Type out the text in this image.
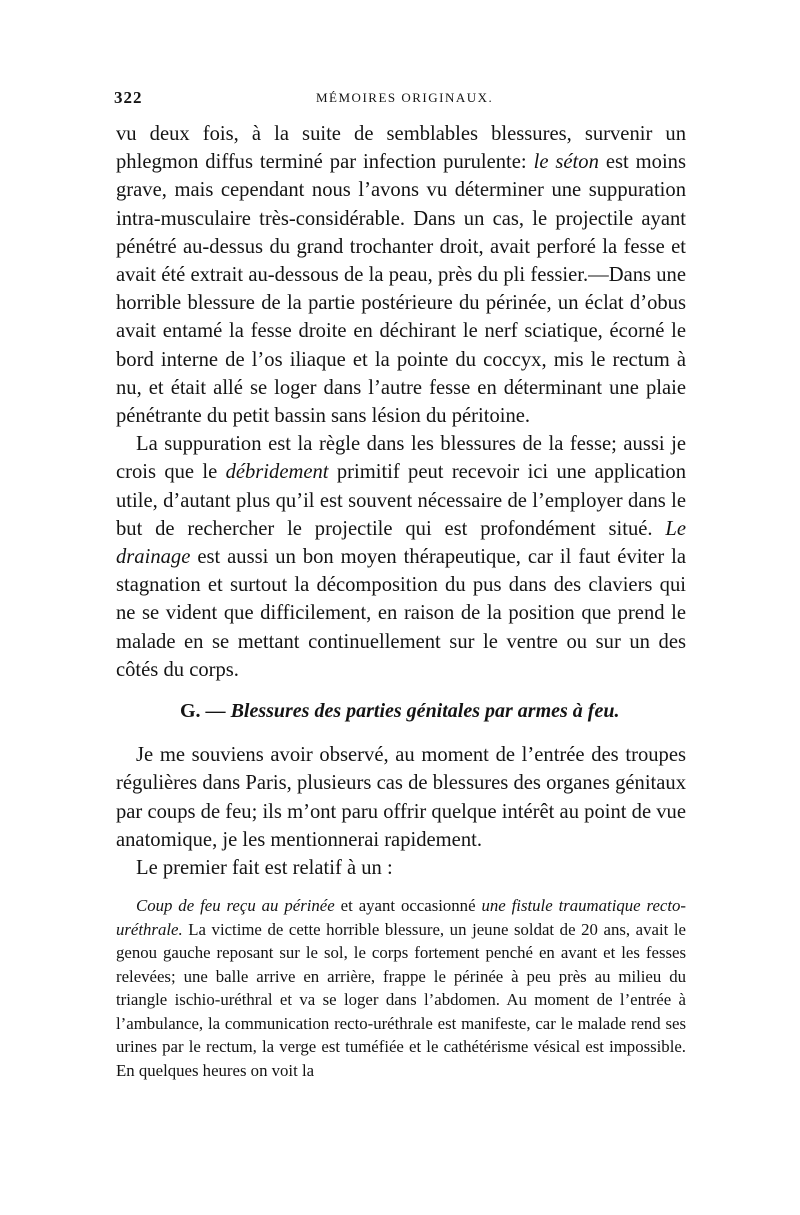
322	MÉMOIRES ORIGINAUX.

vu deux fois, à la suite de semblables blessures, survenir un phlegmon diffus terminé par infection purulente: le séton est moins grave, mais cependant nous l’avons vu déterminer une suppuration intra-musculaire très-considérable. Dans un cas, le projectile ayant pénétré au-dessus du grand trochanter droit, avait perforé la fesse et avait été extrait au-dessous de la peau, près du pli fessier.—Dans une horrible blessure de la partie postérieure du périnée, un éclat d’obus avait entamé la fesse droite en déchirant le nerf sciatique, écorné le bord interne de l’os iliaque et la pointe du coccyx, mis le rectum à nu, et était allé se loger dans l’autre fesse en déterminant une plaie pénétrante du petit bassin sans lésion du péritoine.

La suppuration est la règle dans les blessures de la fesse; aussi je crois que le débridement primitif peut recevoir ici une application utile, d’autant plus qu’il est souvent nécessaire de l’employer dans le but de rechercher le projectile qui est profondément situé. Le drainage est aussi un bon moyen thérapeutique, car il faut éviter la stagnation et surtout la décomposition du pus dans des claviers qui ne se vident que difficilement, en raison de la position que prend le malade en se mettant continuellement sur le ventre ou sur un des côtés du corps.

G. — Blessures des parties génitales par armes à feu.

Je me souviens avoir observé, au moment de l’entrée des troupes régulières dans Paris, plusieurs cas de blessures des organes génitaux par coups de feu; ils m’ont paru offrir quelque intérêt au point de vue anatomique, je les mentionnerai rapidement.

Le premier fait est relatif à un :

Coup de feu reçu au périnée et ayant occasionné une fistule traumatique recto-uréthrale. La victime de cette horrible blessure, un jeune soldat de 20 ans, avait le genou gauche reposant sur le sol, le corps fortement penché en avant et les fesses relevées; une balle arrive en arrière, frappe le périnée à peu près au milieu du triangle ischio-uréthral et va se loger dans l’abdomen. Au moment de l’entrée à l’ambulance, la communication recto-uréthrale est manifeste, car le malade rend ses urines par le rectum, la verge est tuméfiée et le cathétérisme vésical est impossible. En quelques heures on voit la
